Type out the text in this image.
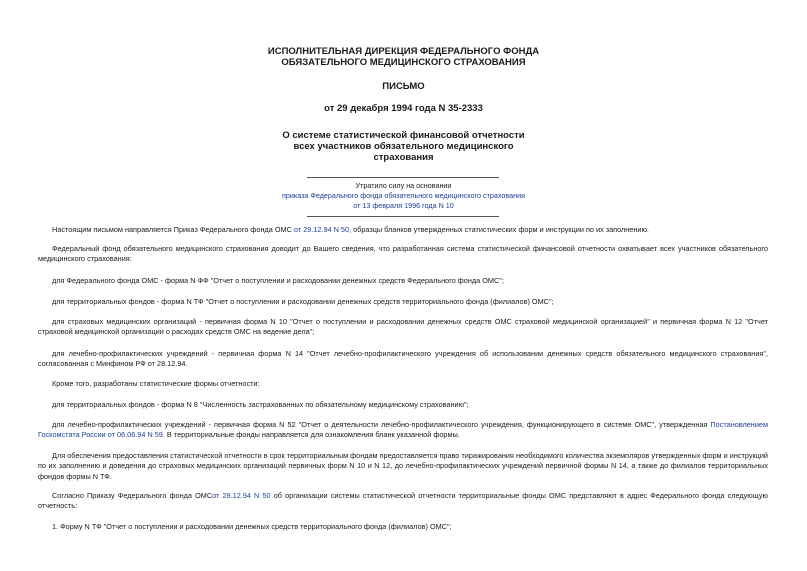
ИСПОЛНИТЕЛЬНАЯ ДИРЕКЦИЯ ФЕДЕРАЛЬНОГО ФОНДА
ОБЯЗАТЕЛЬНОГО МЕДИЦИНСКОГО СТРАХОВАНИЯ
ПИСЬМО
от 29 декабря 1994 года N 35-2333
О системе статистической финансовой отчетности
всех участников обязательного медицинского
страхования
Утратило силу на основании
приказа Федерального фонда обязательного медицинского страхования
от 13 февраля 1996 года N 10
Настоящим письмом направляется Приказ Федерального фонда ОМС от 29.12.94 N 50, образцы бланков утвержденных статистических форм и инструкции по их заполнению.
Федеральный фонд обязательного медицинского страхования доводит до Вашего сведения, что разработанная система статистической финансовой отчетности охватывает всех участников обязательного медицинского страхования:
для Федерального фонда ОМС - форма N ФФ "Отчет о поступлении и расходовании денежных средств Федерального фонда ОМС";
для территориальных фондов - форма N ТФ "Отчет о поступлении и расходовании денежных средств территориального фонда (филиалов) ОМС";
для страховых медицинских организаций - первичная форма N 10 "Отчет о поступлении и расходовании денежных средств ОМС страховой медицинской организацией" и первичная форма N 12 "Отчет страховой медицинской организации о расходах средств ОМС на ведение дела";
для лечебно-профилактических учреждений - первичная форма N 14 "Отчет лечебно-профилактического учреждения об использовании денежных средств обязательного медицинского страхования", согласованная с Минфином РФ от 28.12.94.
Кроме того, разработаны статистические формы отчетности:
для территориальных фондов - форма N 8 "Численность застрахованных по обязательному медицинскому страхованию";
для лечебно-профилактических учреждений - первичная форма N 52 "Отчет о деятельности лечебно-профилактического учреждения, функционирующего в системе ОМС", утвержденная Постановлением Госкомстата России от 06.06.94 N 59. В территориальные фонды направляется для ознакомления бланк указанной формы.
Для обеспечения предоставления статистической отчетности в срок территориальным фондам предоставляется право тиражирования необходимого количества экземпляров утвержденных форм и инструкций по их заполнению и доведения до страховых медицинских организаций первичных форм N 10 и N 12, до лечебно-профилактических учреждений первичной формы N 14, а также до филиалов территориальных фондов формы N ТФ.
Согласно Приказу Федерального фонда ОМСот 29.12.94 N 50 об организации системы статистической отчетности территориальные фонды ОМС представляют в адрес Федерального фонда следующую отчетность:
1. Форму N ТФ "Отчет о поступлении и расходовании денежных средств территориального фонда (филиалов) ОМС";
